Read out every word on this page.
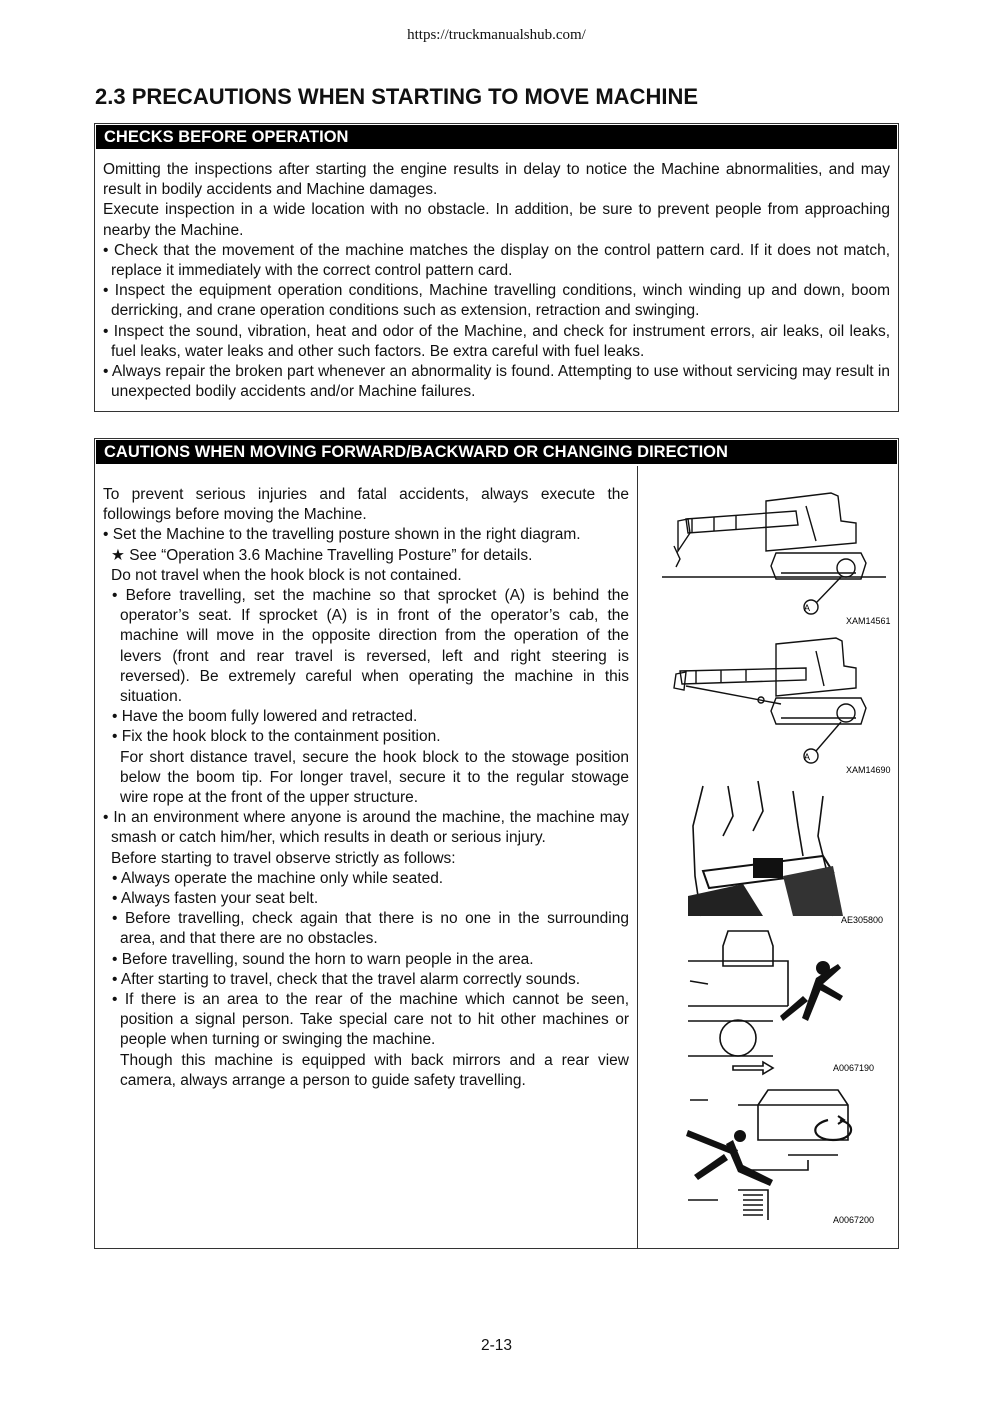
https://truckmanualshub.com/
2.3 PRECAUTIONS WHEN STARTING TO MOVE MACHINE
CHECKS BEFORE OPERATION

Omitting the inspections after starting the engine results in delay to notice the Machine abnormalities, and may result in bodily accidents and Machine damages.

Execute inspection in a wide location with no obstacle. In addition, be sure to prevent people from approaching nearby the Machine.

• Check that the movement of the machine matches the display on the control pattern card. If it does not match, replace it immediately with the correct control pattern card.

• Inspect the equipment operation conditions, Machine travelling conditions, winch winding up and down, boom derricking, and crane operation conditions such as extension, retraction and swinging.

• Inspect the sound, vibration, heat and odor of the Machine, and check for instrument errors, air leaks, oil leaks, fuel leaks, water leaks and other such factors. Be extra careful with fuel leaks.

• Always repair the broken part whenever an abnormality is found. Attempting to use without servicing may result in unexpected bodily accidents and/or Machine failures.

CAUTIONS WHEN MOVING FORWARD/BACKWARD OR CHANGING DIRECTION

To prevent serious injuries and fatal accidents, always execute the followings before moving the Machine.

• Set the Machine to the travelling posture shown in the right diagram.

★ See “Operation 3.6 Machine Travelling Posture” for details.

Do not travel when the hook block is not contained.

• Before travelling, set the machine so that sprocket (A) is behind the operator’s seat. If sprocket (A) is in front of the operator’s cab, the machine will move in the opposite direction from the operation of the levers (front and rear travel is reversed, left and right steering is reversed). Be extremely careful when operating the machine in this situation.

• Have the boom fully lowered and retracted.

• Fix the hook block to the containment position.

For short distance travel, secure the hook block to the stowage position below the boom tip. For longer travel, secure it to the regular stowage wire rope at the front of the upper structure.

• In an environment where anyone is around the machine, the machine may smash or catch him/her, which results in death or serious injury.

Before starting to travel observe strictly as follows:

• Always operate the machine only while seated.

• Always fasten your seat belt.

• Before travelling, check again that there is no one in the surrounding area, and that there are no obstacles.

• Before travelling, sound the horn to warn people in the area.

• After starting to travel, check that the travel alarm correctly sounds.

• If there is an area to the rear of the machine which cannot be seen, position a signal person. Take special care not to hit other machines or people when turning or swinging the machine.

Though this machine is equipped with back mirrors and a rear view camera, always arrange a person to guide safety travelling.

A
XAM14561
A
XAM14690
AE305800
A0067190
A0067200
2-13
